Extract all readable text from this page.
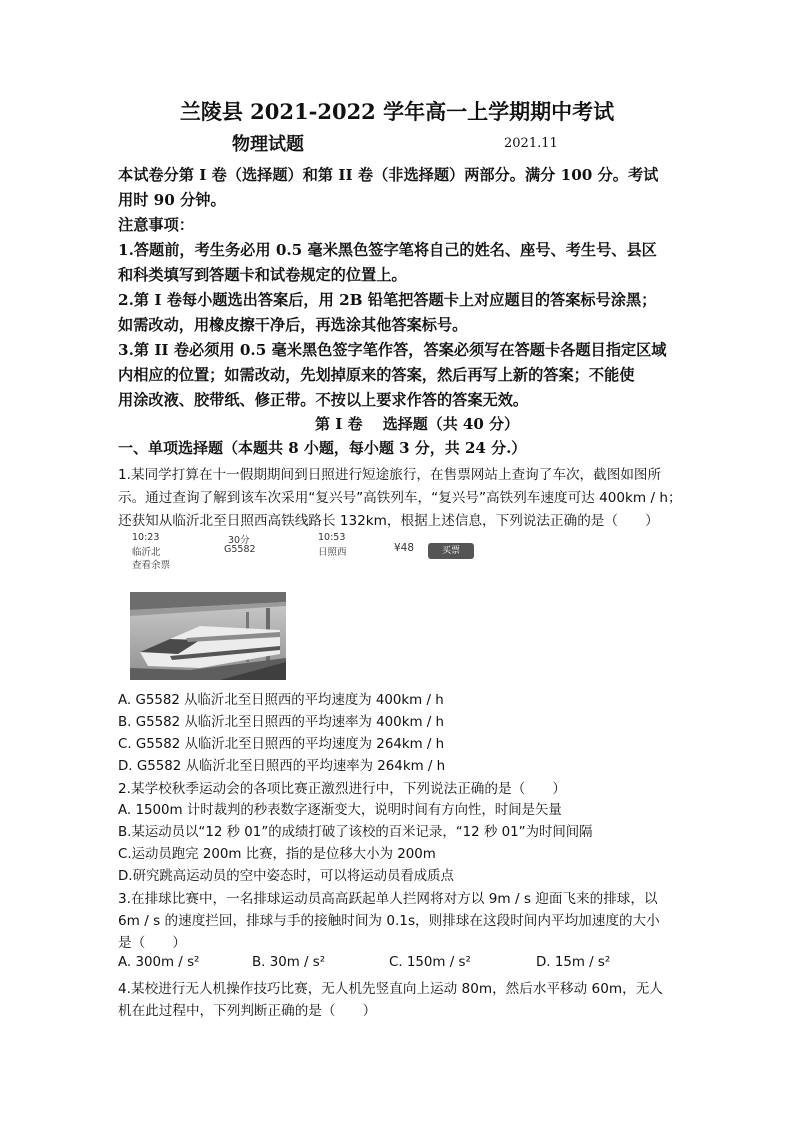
兰陵县 2021-2022 学年高一上学期期中考试
物理试题	2021.11
本试卷分第 I 卷（选择题）和第 II 卷（非选择题）两部分。满分 100 分。考试
用时 90 分钟。
注意事项：
1.答题前，考生务必用 0.5 毫米黑色签字笔将自己的姓名、座号、考生号、县区
和科类填写到答题卡和试卷规定的位置上。
2.第 I 卷每小题选出答案后，用 2B 铅笔把答题卡上对应题目的答案标号涂黑；
如需改动，用橡皮擦干净后，再选涂其他答案标号。
3.第 II 卷必须用 0.5 毫米黑色签字笔作答，答案必须写在答题卡各题目指定区域
内相应的位置；如需改动，先划掉原来的答案，然后再写上新的答案；不能使
用涂改液、胶带纸、修正带。不按以上要求作答的答案无效。
第 I 卷　 选择题（共 40 分）
一、单项选择题（本题共 8 小题，每小题 3 分，共 24 分.）
1.某同学打算在十一假期期间到日照进行短途旅行，在售票网站上查询了车次，截图如图所
示。通过查询了解到该车次采用“复兴号”高铁列车，“复兴号”高铁列车速度可达 400km / h；
还获知从临沂北至日照西高铁线路长 132km，根据上述信息，下列说法正确的是（　　）
10:23	30分	10:53
临沂北	G5582	日照西	¥48	买票
查看余票
A. G5582 从临沂北至日照西的平均速度为 400km / h
B. G5582 从临沂北至日照西的平均速率为 400km / h
C. G5582 从临沂北至日照西的平均速度为 264km / h
D. G5582 从临沂北至日照西的平均速率为 264km / h
2.某学校秋季运动会的各项比赛正激烈进行中，下列说法正确的是（　　）
A. 1500m 计时裁判的秒表数字逐渐变大，说明时间有方向性，时间是矢量
B.某运动员以“12 秒 01”的成绩打破了该校的百米记录，“12 秒 01”为时间间隔
C.运动员跑完 200m 比赛，指的是位移大小为 200m
D.研究跳高运动员的空中姿态时，可以将运动员看成质点
3.在排球比赛中，一名排球运动员高高跃起单人拦网将对方以 9m / s 迎面飞来的排球，以
6m / s 的速度拦回，排球与手的接触时间为 0.1s，则排球在这段时间内平均加速度的大小
是（　　）
A. 300m / s²	B. 30m / s²	C. 150m / s²	D. 15m / s²
4.某校进行无人机操作技巧比赛，无人机先竖直向上运动 80m，然后水平移动 60m，无人
机在此过程中，下列判断正确的是（　　）
